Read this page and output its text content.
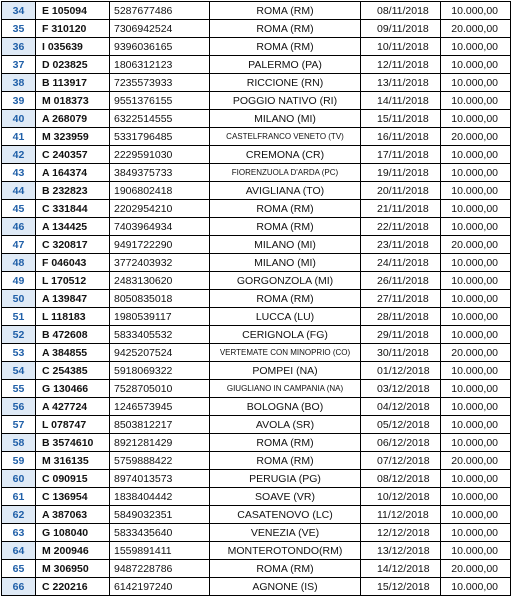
34	E 105094	5287677486	ROMA (RM)	08/11/2018	10.000,00
35	F 310120	7306942524	ROMA (RM)	09/11/2018	20.000,00
36	I 035639	9396036165	ROMA (RM)	10/11/2018	10.000,00
37	D 023825	1806312123	PALERMO (PA)	12/11/2018	10.000,00
38	B 113917	7235573933	RICCIONE (RN)	13/11/2018	10.000,00
39	M 018373	9551376155	POGGIO NATIVO (RI)	14/11/2018	10.000,00
40	A 268079	6322514555	MILANO (MI)	15/11/2018	10.000,00
41	M 323959	5331796485	CASTELFRANCO VENETO (TV)	16/11/2018	20.000,00
42	C 240357	2229591030	CREMONA (CR)	17/11/2018	10.000,00
43	A 164374	3849375733	FIORENZUOLA D'ARDA (PC)	19/11/2018	10.000,00
44	B 232823	1906802418	AVIGLIANA (TO)	20/11/2018	10.000,00
45	C 331844	2202954210	ROMA (RM)	21/11/2018	10.000,00
46	A 134425	7403964934	ROMA (RM)	22/11/2018	10.000,00
47	C 320817	9491722290	MILANO (MI)	23/11/2018	20.000,00
48	F 046043	3772403932	MILANO (MI)	24/11/2018	10.000,00
49	L 170512	2483130620	GORGONZOLA (MI)	26/11/2018	10.000,00
50	A 139847	8050835018	ROMA (RM)	27/11/2018	10.000,00
51	L 118183	1980539117	LUCCA (LU)	28/11/2018	10.000,00
52	B 472608	5833405532	CERIGNOLA (FG)	29/11/2018	10.000,00
53	A 384855	9425207524	VERTEMATE CON MINOPRIO (CO)	30/11/2018	20.000,00
54	C 254385	5918069322	POMPEI (NA)	01/12/2018	10.000,00
55	G 130466	7528705010	GIUGLIANO IN CAMPANIA (NA)	03/12/2018	10.000,00
56	A 427724	1246573945	BOLOGNA (BO)	04/12/2018	10.000,00
57	L 078747	8503812217	AVOLA (SR)	05/12/2018	10.000,00
58	B 3574610	8921281429	ROMA (RM)	06/12/2018	10.000,00
59	M 316135	5759888422	ROMA (RM)	07/12/2018	20.000,00
60	C 090915	8974013573	PERUGIA (PG)	08/12/2018	10.000,00
61	C 136954	1838404442	SOAVE (VR)	10/12/2018	10.000,00
62	A 387063	5849032351	CASATENOVO (LC)	11/12/2018	10.000,00
63	G 108040	5833435640	VENEZIA (VE)	12/12/2018	10.000,00
64	M 200946	1559891411	MONTEROTONDO(RM)	13/12/2018	10.000,00
65	M 306950	9487228786	ROMA (RM)	14/12/2018	20.000,00
66	C 220216	6142197240	AGNONE (IS)	15/12/2018	10.000,00
